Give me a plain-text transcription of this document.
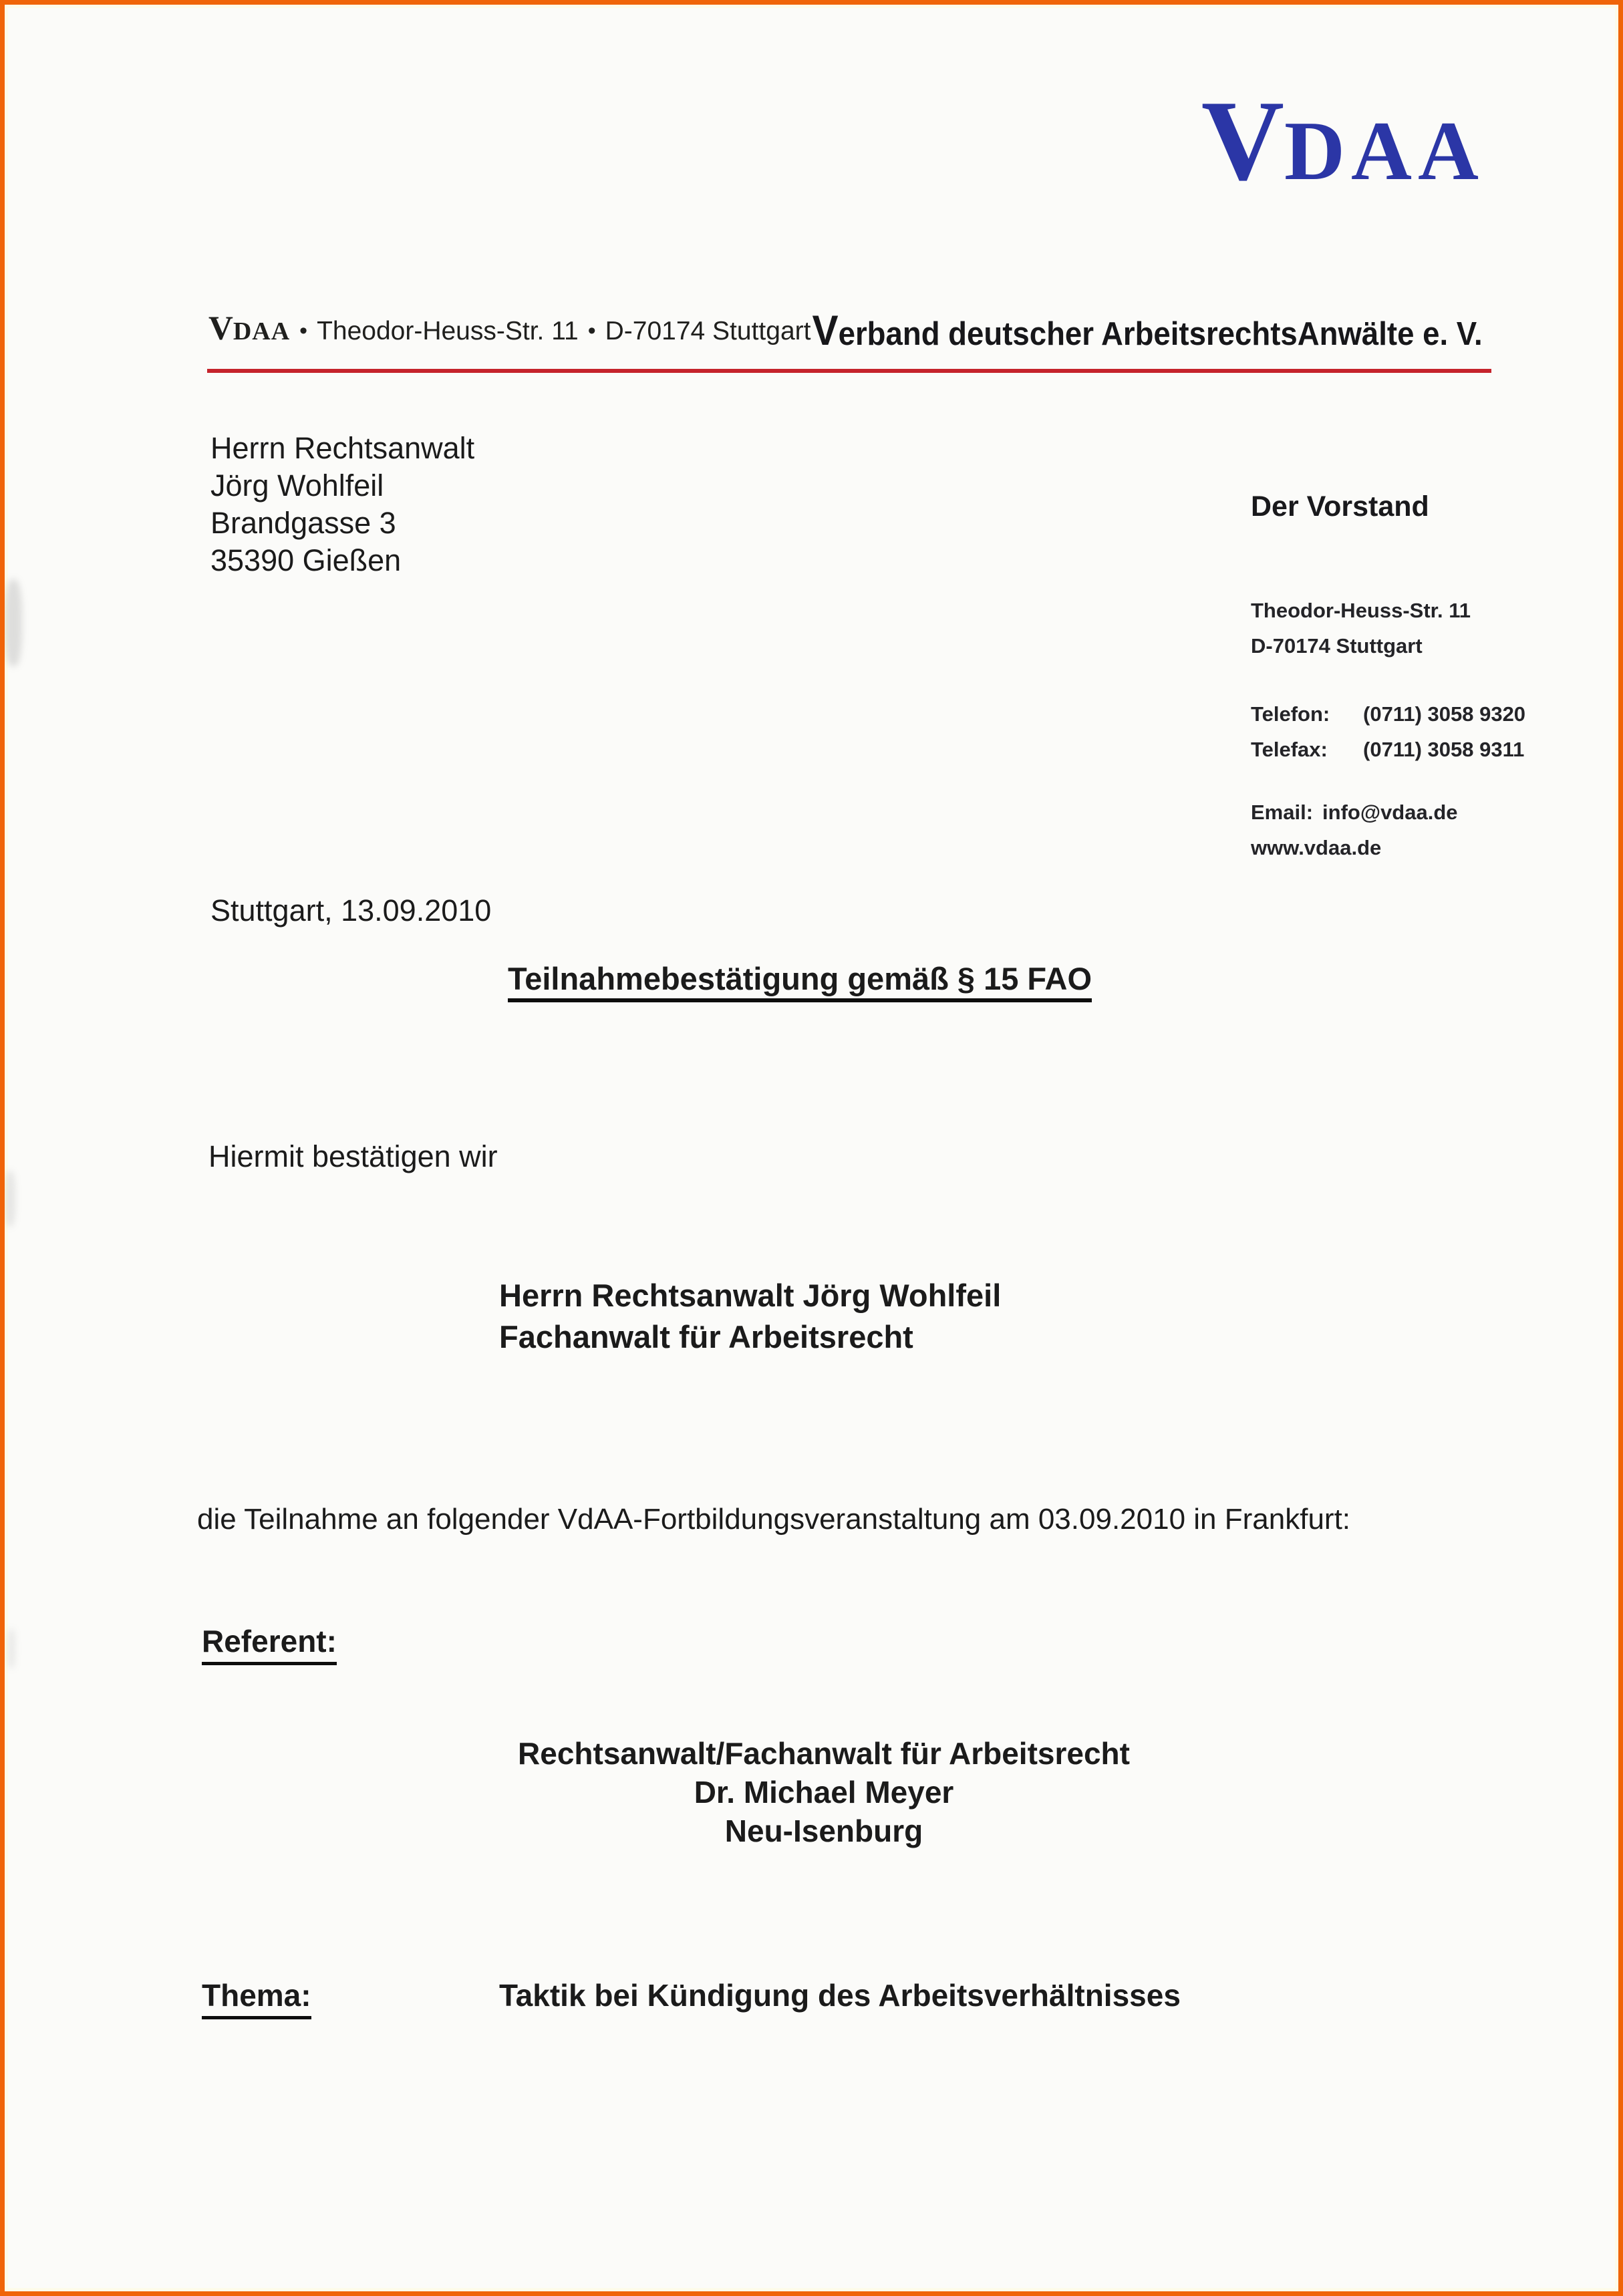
VDAA
VDAA • Theodor-Heuss-Str. 11 • D-70174 Stuttgart Verband deutscher ArbeitsrechtsAnwälte e. V.
Herrn Rechtsanwalt
Jörg Wohlfeil
Brandgasse 3
35390 Gießen
Der Vorstand
Theodor-Heuss-Str. 11
D-70174 Stuttgart
Telefon: (0711) 3058 9320
Telefax: (0711) 3058 9311
Email: info@vdaa.de
www.vdaa.de
Stuttgart, 13.09.2010
Teilnahmebestätigung gemäß § 15 FAO
Hiermit bestätigen wir
Herrn Rechtsanwalt Jörg Wohlfeil
Fachanwalt für Arbeitsrecht
die Teilnahme an folgender VdAA-Fortbildungsveranstaltung am 03.09.2010 in Frankfurt:
Referent:
Rechtsanwalt/Fachanwalt für Arbeitsrecht
Dr. Michael Meyer
Neu-Isenburg
Thema:	Taktik bei Kündigung des Arbeitsverhältnisses
